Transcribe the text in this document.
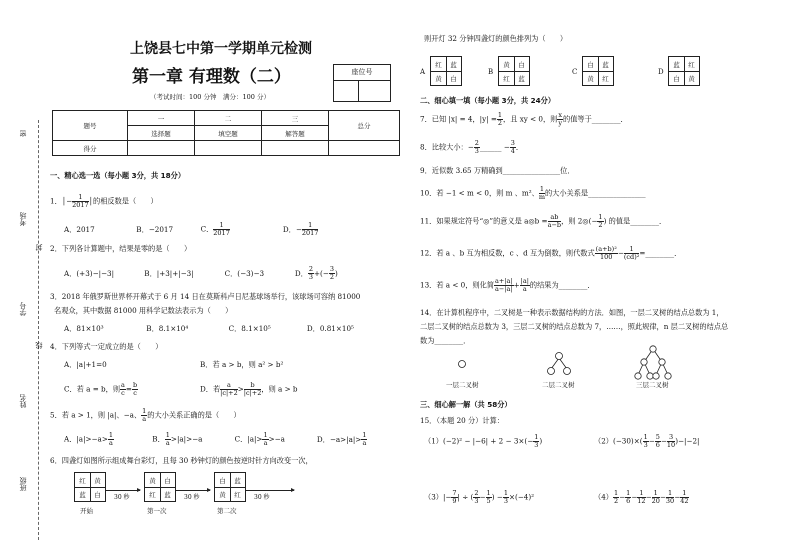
密
考场
封
学号
线
姓名
班级
上饶县七中第一学期单元检测
第一章 有理数（二）	座位号
（考试时间：100 分钟　满分：100 分）
题号	一	二	三	总分
	选择题	填空题	解答题	
得分				
一、精心选一选（每小题 3分，共 18分）
1．│− $\frac{1}{2017}$ │的相反数是（　　）
A．2017	B．−2017	C． $\frac{1}{2017}$	D．− $\frac{1}{2017}$
2．下列各计算题中，结果是零的是（　　）
A．(+3)−|−3|	B．|+3|+|−3|	C．(−3)−3	D． $\frac{2}{3}$ +(− $\frac{3}{2}$ )
3．2018 年俄罗斯世界杯开幕式于 6 月 14 日在莫斯科卢日尼基球场举行，该球场可容纳 81000
名观众，其中数据 81000 用科学记数法表示为（　　）
A．81×10³	B．8.1×10⁴	C．8.1×10⁵	D．0.81×10⁵
4．下列等式一定成立的是（　　）
A．|a|+1=0	B．若 a > b，则 a² > b²
C．若 a = b，则 $\frac{a}{c} = \frac{b}{c}$	D．若 $\frac{a}{|c|+2} > \frac{b}{|c|+2}$ ，则 a > b
5．若 a > 1，则 |a|、−a、 $\frac{1}{a}$ 的大小关系正确的是（　　）
A．$|a|>-a> \frac{1}{a}$	B． $\frac{1}{a} >|a|>-a$	C．$|a|> \frac{1}{a} >-a$	D．$-a>|a|> \frac{1}{a}$
6．四盏灯如图所示组成舞台彩灯，且每 30 秒钟灯的颜色按逆时针方向改变一次，
红	黄
蓝	白	30 秒
黄	白
红	蓝	30 秒
白	蓝
黄	红	30 秒
开始	第一次	第二次
则开灯 32 分钟四盏灯的颜色排列为（　　）
A
红	蓝
黄	白
B
黄	白
红	蓝
C
白	蓝
黄	红
D
蓝	红
白	黄
二、细心填一填（每小题 3分，共 24分）
7．已知 |x| = 4，$|y| = \frac{1}{2}$ ，且 xy < 0，则 $\frac{x}{y}$ 的值等于________．
8．比较大小：− $\frac{2}{3}$ ______ − $\frac{3}{4}$ ．
9．近似数 3.65 万精确到________________位．
10．若 −1 < m < 0，则 m 、m²、 $\frac{1}{m}$ 的大小关系是________________
11．如果规定符号“◎”的意义是 a◎b = $\frac{ab}{a-b}$ ，则 2◎(− $\frac{1}{2}$ ) 的值是________．
12．若 a 、b 互为相反数，c 、d 互为倒数，则代数式 $\frac{\text{(a+b)²}}{100} - \frac{1}{\text{(cd)²}}$ =________．
13．若 a < 0，则化简 $\frac{a+|a|}{a-|a|} + \frac{|a|}{a}$ 的结果为________．
14．在计算机程序中，二叉树是一种表示数据结构的方法．如图，一层二叉树的结点总数为 1，
二层二叉树的结点总数为 3，三层二叉树的结点总数为 7，……，照此规律，n 层二叉树的结点总
数为________．
一层二叉树	二层二叉树	三层二叉树
三、细心解一解（共 58分）
15．（本题 20 分）计算：
$(1)(-2)^2 - |-6| + 2 - 3\times(- \frac{1}{3}$ )	$(2)(-30)\times( \frac{1}{3} - \frac{5}{6} - \frac{3}{10} )-|-2|$
$(3)|- \frac{7}{9}$ | ÷ ( $\frac{2}{3} - \frac{1}{5}$ ) − $\frac{1}{3} \times(-4)^2$	$(4) \frac{1}{2} - \frac{1}{6} - \frac{1}{12} - \frac{1}{20} - \frac{1}{30} - \frac{1}{42}$
